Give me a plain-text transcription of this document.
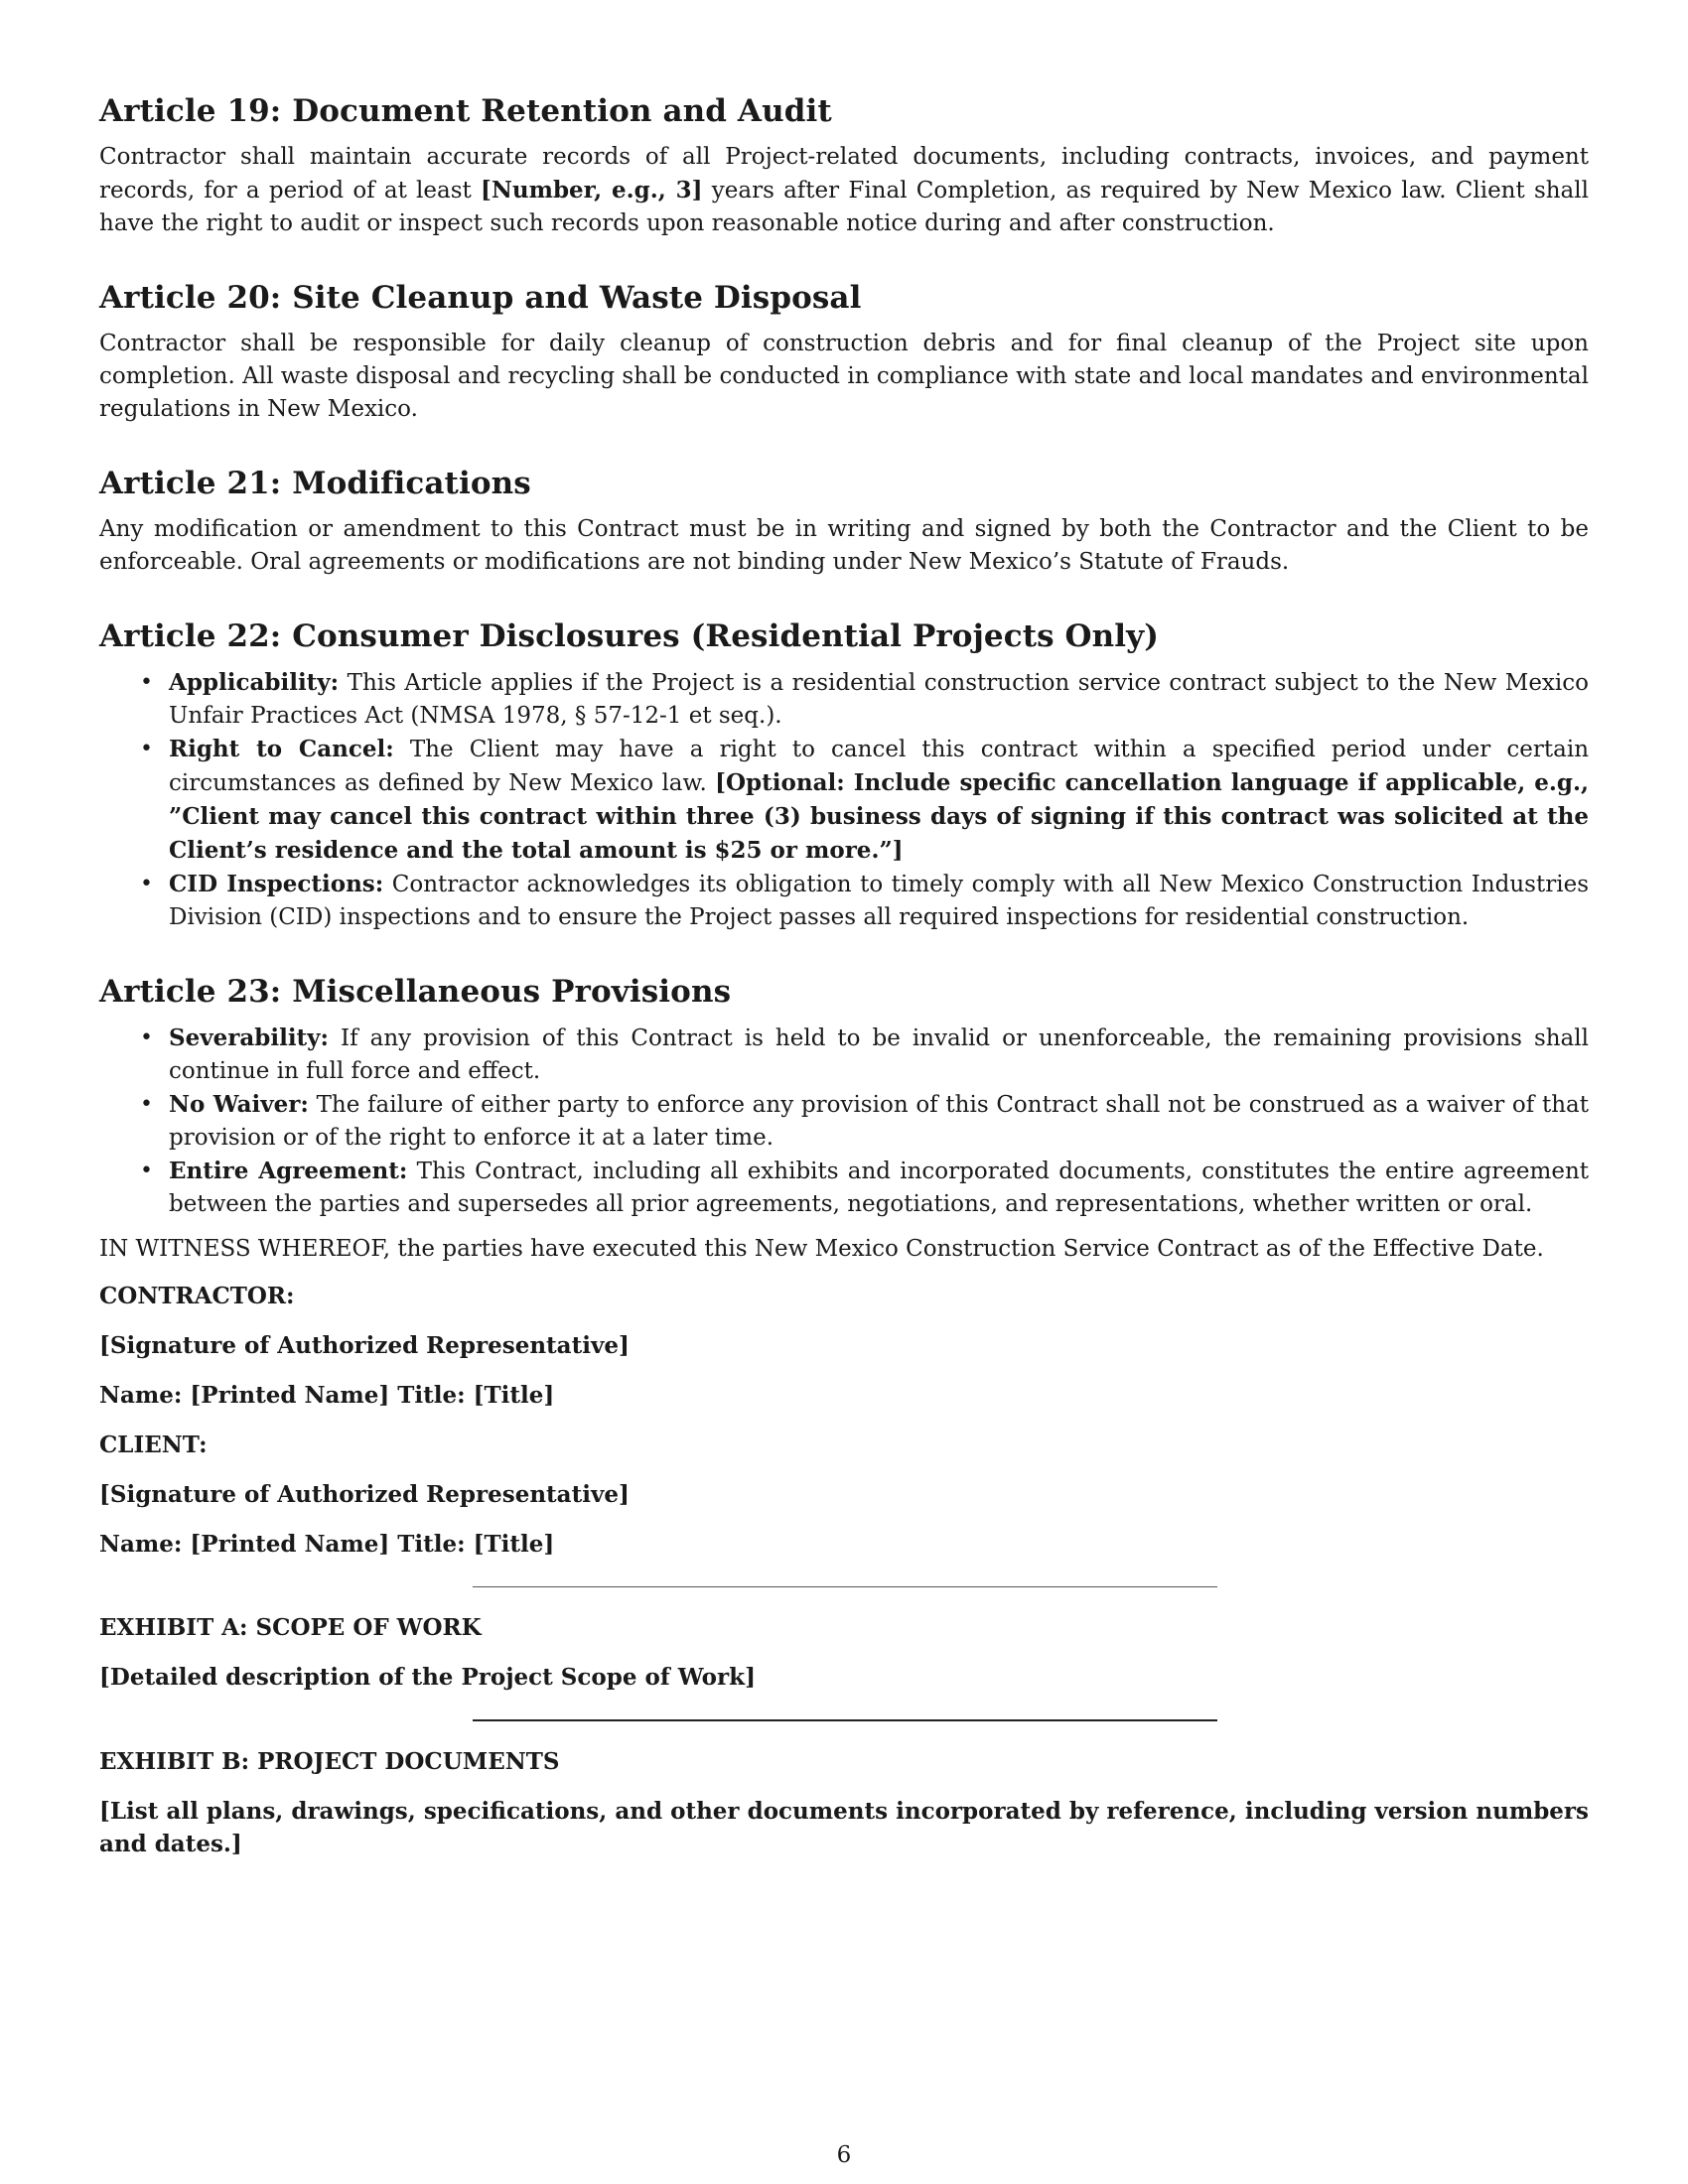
Article 19: Document Retention and Audit

Contractor shall maintain accurate records of all Project-related documents, including contracts, invoices, and payment records, for a period of at least [Number, e.g., 3] years after Final Completion, as required by New Mexico law. Client shall have the right to audit or inspect such records upon reasonable notice during and after construction.

Article 20: Site Cleanup and Waste Disposal

Contractor shall be responsible for daily cleanup of construction debris and for final cleanup of the Project site upon completion. All waste disposal and recycling shall be conducted in compliance with state and local mandates and environmental regulations in New Mexico.

Article 21: Modifications

Any modification or amendment to this Contract must be in writing and signed by both the Contractor and the Client to be enforceable. Oral agreements or modifications are not binding under New Mexico’s Statute of Frauds.

Article 22: Consumer Disclosures (Residential Projects Only)
• Applicability: This Article applies if the Project is a residential construction service contract subject to the New Mexico Unfair Practices Act (NMSA 1978, § 57-12-1 et seq.).
• Right to Cancel: The Client may have a right to cancel this contract within a specified period under certain circumstances as defined by New Mexico law. [Optional: Include specific cancellation language if applicable, e.g., ”Client may cancel this contract within three (3) business days of signing if this contract was solicited at the Client’s residence and the total amount is $25 or more.”]
• CID Inspections: Contractor acknowledges its obligation to timely comply with all New Mexico Construction Industries Division (CID) inspections and to ensure the Project passes all required inspections for residential construction.
Article 23: Miscellaneous Provisions
• Severability: If any provision of this Contract is held to be invalid or unenforceable, the remaining provisions shall continue in full force and effect.
• No Waiver: The failure of either party to enforce any provision of this Contract shall not be construed as a waiver of that provision or of the right to enforce it at a later time.
• Entire Agreement: This Contract, including all exhibits and incorporated documents, constitutes the entire agreement between the parties and supersedes all prior agreements, negotiations, and representations, whether written or oral.

IN WITNESS WHEREOF, the parties have executed this New Mexico Construction Service Contract as of the Effective Date.

CONTRACTOR:
[Signature of Authorized Representative]
Name: [Printed Name] Title: [Title]
CLIENT:
[Signature of Authorized Representative]
Name: [Printed Name] Title: [Title]
EXHIBIT A: SCOPE OF WORK
[Detailed description of the Project Scope of Work]
EXHIBIT B: PROJECT DOCUMENTS
[List all plans, drawings, specifications, and other documents incorporated by reference, including version numbers and dates.]
6
